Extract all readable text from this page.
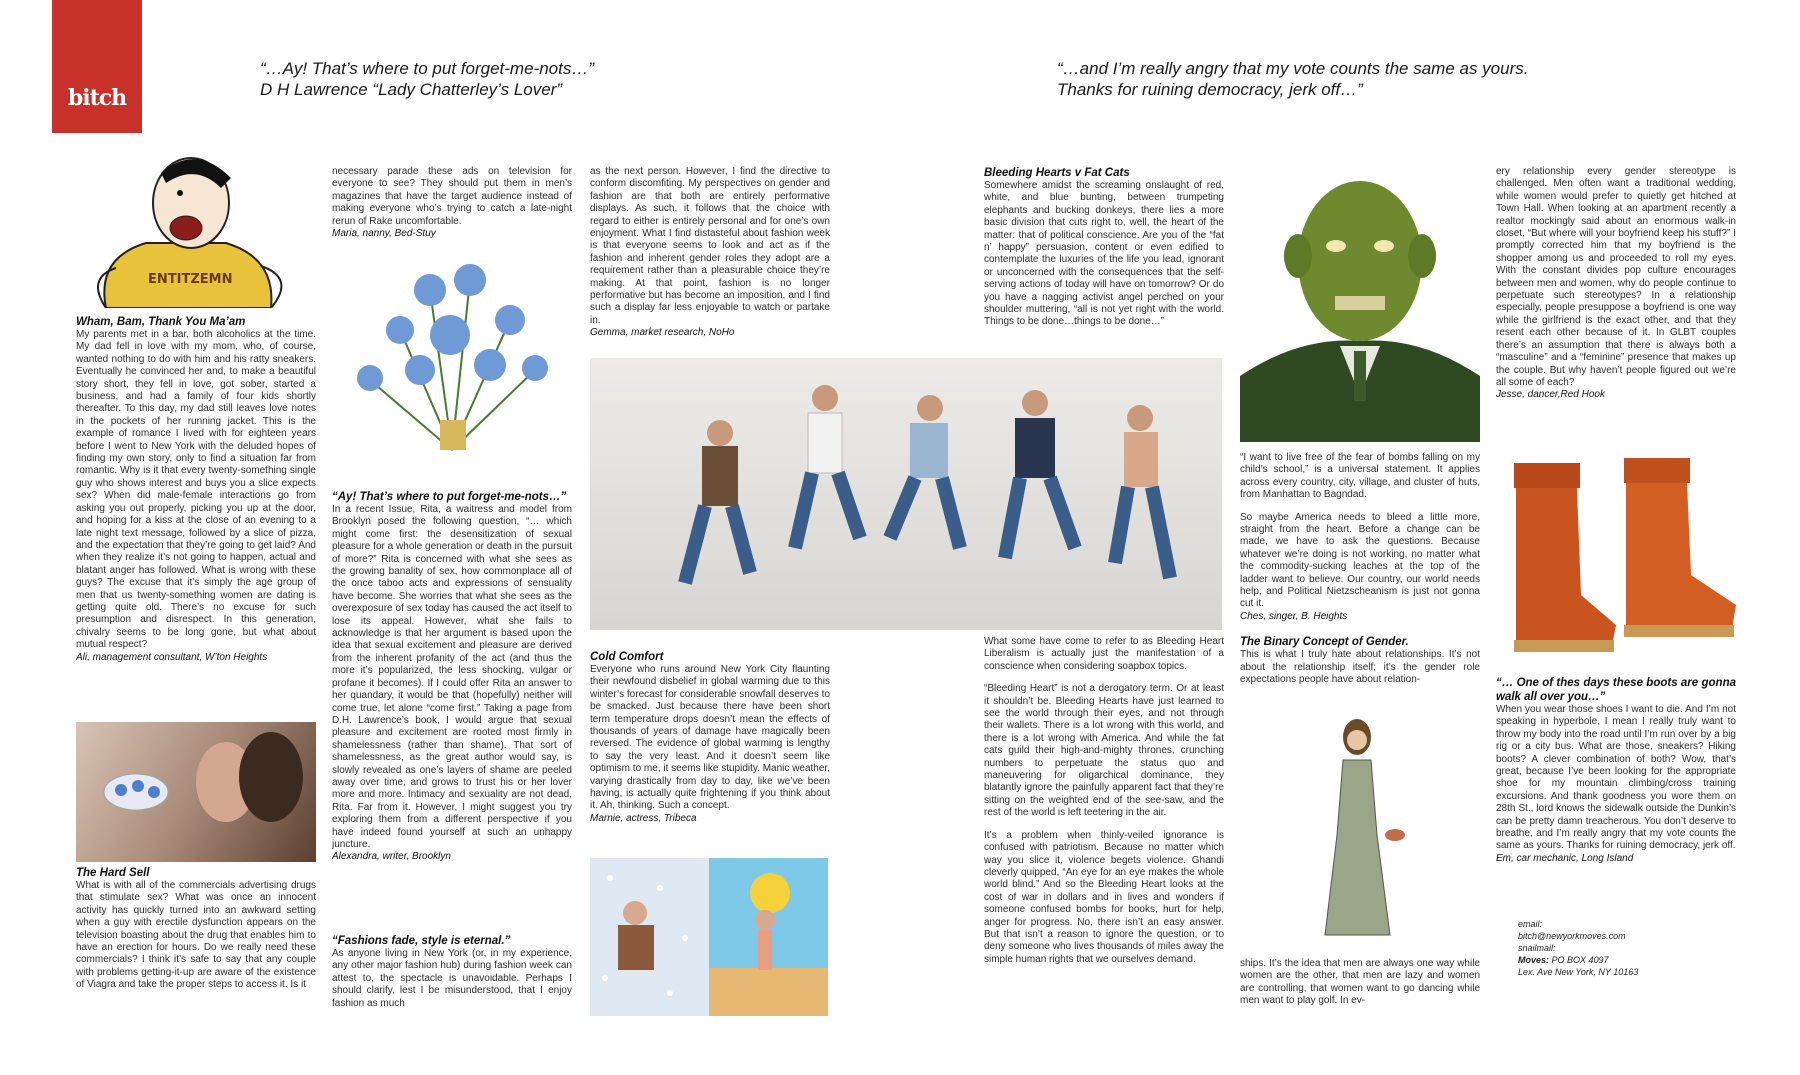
bitch
“…Ay! That’s where to put forget-me-nots…”
D H Lawrence “Lady Chatterley’s Lover”
“…and I’m really angry that my vote counts the same as yours.
Thanks for ruining democracy, jerk off…”
ENTITZEMN
Wham, Bam, Thank You Ma’am
My parents met in a bar, both alcoholics at the time. My dad fell in love with my mom, who, of course, wanted nothing to do with him and his ratty sneakers. Eventually he convinced her and, to make a beautiful story short, they fell in love, got sober, started a business, and had a family of four kids shortly thereafter. To this day, my dad still leaves love notes in the pockets of her running jacket. This is the example of romance I lived with for eighteen years before I went to New York with the deluded hopes of finding my own story, only to find a situation far from romantic. Why is it that every twenty-something single guy who shows interest and buys you a slice expects sex? When did male-female interactions go from asking you out properly, picking you up at the door, and hoping for a kiss at the close of an evening to a late night text message, followed by a slice of pizza, and the expectation that they’re going to get laid? And when they realize it’s not going to happen, actual and blatant anger has followed. What is wrong with these guys? The excuse that it’s simply the age group of men that us twenty-something women are dating is getting quite old. There’s no excuse for such presumption and disrespect. In this generation, chivalry seems to be long gone, but what about mutual respect?
Ali, management consultant, W’ton Heights
The Hard Sell
What is with all of the commercials advertising drugs that stimulate sex? What was once an innocent activity has quickly turned into an awkward setting when a guy with erectile dysfunction appears on the television boasting about the drug that enables him to have an erection for hours. Do we really need these commercials? I think it’s safe to say that any couple with problems getting-it-up are aware of the existence of Viagra and take the proper steps to access it. Is it
necessary parade these ads on television for everyone to see? They should put them in men’s magazines that have the target audience instead of making everyone who’s trying to catch a late-night rerun of Rake uncomfortable.
Maria, nanny, Bed-Stuy
“Ay! That’s where to put forget-me-nots…”
In a recent Issue, Rita, a waitress and model from Brooklyn posed the following question, “… which might come first: the desensitization of sexual pleasure for a whole generation or death in the pursuit of more?” Rita is concerned with what she sees as the growing banality of sex, how commonplace all of the once taboo acts and expressions of sensuality have become. She worries that what she sees as the overexposure of sex today has caused the act itself to lose its appeal. However, what she fails to acknowledge is that her argument is based upon the idea that sexual excitement and pleasure are derived from the inherent profanity of the act (and thus the more it’s popularized, the less shocking, vulgar or profane it becomes). If I could offer Rita an answer to her quandary, it would be that (hopefully) neither will come true, let alone “come first.” Taking a page from D.H. Lawrence’s book, I would argue that sexual pleasure and excitement are rooted most firmly in shamelessness (rather than shame). That sort of shamelessness, as the great author would say, is slowly revealed as one’s layers of shame are peeled away over time, and grows to trust his or her lover more and more. Intimacy and sexuality are not dead, Rita. Far from it. However, I might suggest you try exploring them from a different perspective if you have indeed found yourself at such an unhappy juncture.
Alexandra, writer, Brooklyn
“Fashions fade, style is eternal.”
As anyone living in New York (or, in my experience, any other major fashion hub) during fashion week can attest to, the spectacle is unavoidable. Perhaps I should clarify, lest I be misunderstood, that I enjoy fashion as much
as the next person. However, I find the directive to conform discomfiting. My perspectives on gender and fashion are that both are entirely performative displays. As such, it follows that the choice with regard to either is entirely personal and for one’s own enjoyment. What I find distasteful about fashion week is that everyone seems to look and act as if the fashion and inherent gender roles they adopt are a requirement rather than a pleasurable choice they’re making. At that point, fashion is no longer performative but has become an imposition, and I find such a display far less enjoyable to watch or partake in.
Gemma, market research, NoHo
Cold Comfort
Everyone who runs around New York City flaunting their newfound disbelief in global warming due to this winter’s forecast for considerable snowfall deserves to be smacked. Just because there have been short term temperature drops doesn’t mean the effects of thousands of years of damage have magically been reversed. The evidence of global warming is lengthy to say the very least. And it doesn’t seem like optimism to me, it seems like stupidity. Manic weather, varying drastically from day to day, like we’ve been having, is actually quite frightening if you think about it. Ah, thinking. Such a concept.
Marnie, actress, Tribeca
Bleeding Hearts v Fat Cats
Somewhere amidst the screaming onslaught of red, white, and blue bunting, between trumpeting elephants and bucking donkeys, there lies a more basic division that cuts right to, well, the heart of the matter: that of political conscience. Are you of the “fat n’ happy” persuasion, content or even edified to contemplate the luxuries of the life you lead, ignorant or unconcerned with the consequences that the self-serving actions of today will have on tomorrow? Or do you have a nagging activist angel perched on your shoulder muttering, “all is not yet right with the world. Things to be done…things to be done…”

What some have come to refer to as Bleeding Heart Liberalism is actually just the manifestation of a conscience when considering soapbox topics.

“Bleeding Heart” is not a derogatory term. Or at least it shouldn’t be. Bleeding Hearts have just learned to see the world through their eyes, and not through their wallets. There is a lot wrong with this world, and there is a lot wrong with America. And while the fat cats guild their high-and-mighty thrones, crunching numbers to perpetuate the status quo and maneuvering for oligarchical dominance, they blatantly ignore the painfully apparent fact that they’re sitting on the weighted end of the see-saw, and the rest of the world is left teetering in the air.

It’s a problem when thinly-veiled ignorance is confused with patriotism. Because no matter which way you slice it, violence begets violence. Ghandi cleverly quipped, “An eye for an eye makes the whole world blind.” And so the Bleeding Heart looks at the cost of war in dollars and in lives and wonders if someone confused bombs for books, hurt for help, anger for progress. No, there isn’t an easy answer. But that isn’t a reason to ignore the question, or to deny someone who lives thousands of miles away the simple human rights that we ourselves demand.

“I want to live free of the fear of bombs falling on my child’s school,” is a universal statement. It applies across every country, city, village, and cluster of huts, from Manhattan to Bagndad.

So maybe America needs to bleed a little more, straight from the heart. Before a change can be made, we have to ask the questions. Because whatever we’re doing is not working, no matter what the commodity-sucking leaches at the top of the ladder want to believe. Our country, our world needs help, and Political Nietzscheanism is just not gonna cut it.

Ches, singer, B. Heights
The Binary Concept of Gender.
This is what I truly hate about relationships. It’s not about the relationship itself; it’s the gender role expectations people have about relation-
ships. It’s the idea that men are always one way while women are the other, that men are lazy and women are controlling, that women want to go dancing while men want to play golf. In ev-
ery relationship every gender stereotype is challenged. Men often want a traditional wedding, while women would prefer to quietly get hitched at Town Hall. When looking at an apartment recently a realtor mockingly said about an enormous walk-in closet, “But where will your boyfriend keep his stuff?” I promptly corrected him that my boyfriend is the shopper among us and proceeded to roll my eyes. With the constant divides pop culture encourages between men and women, why do people continue to perpetuate such stereotypes? In a relationship especially, people presuppose a boyfriend is one way while the girlfriend is the exact other, and that they resent each other because of it. In GLBT couples there’s an assumption that there is always both a “masculine” and a “feminine” presence that makes up the couple. But why haven’t people figured out we’re all some of each?
Jesse, dancer,Red Hook
“… One of thes days these boots are gonna walk all over you…”
When you wear those shoes I want to die. And I’m not speaking in hyperbole, I mean I really truly want to throw my body into the road until I’m run over by a big rig or a city bus. What are those, sneakers? Hiking boots? A clever combination of both? Wow, that’s great, because I’ve been looking for the appropriate shoe for my mountain climbing/cross training excursions. And thank goodness you wore them on 28th St., lord knows the sidewalk outside the Dunkin’s can be pretty damn treacherous. You don’t deserve to breathe, and I’m really angry that my vote counts the same as yours. Thanks for ruining democracy, jerk off.
Em, car mechanic, Long Island
email:
bitch@newyorkmoves.com
snailmail:
Moves: PO BOX 4097
Lex. Ave New York, NY 10163
